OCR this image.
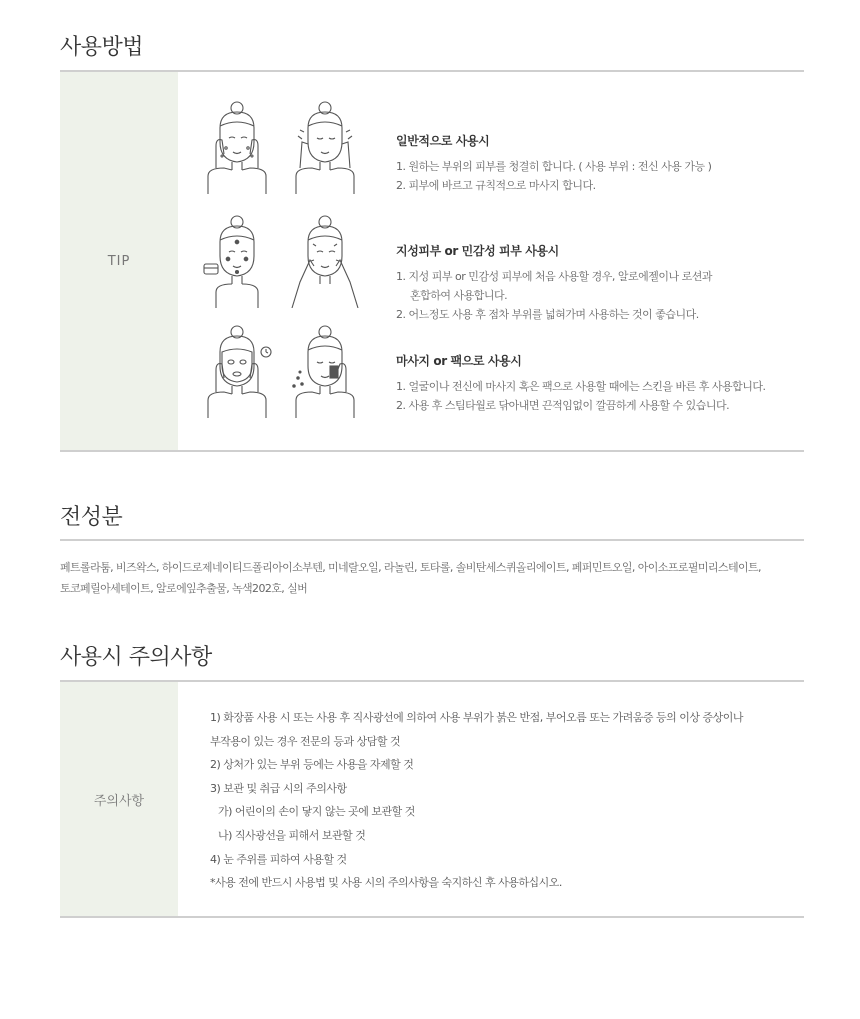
사용방법
TIP
일반적으로 사용시
1. 원하는 부위의 피부를 청결히 합니다. ( 사용 부위 : 전신 사용 가능 )
2. 피부에 바르고 규칙적으로 마사지 합니다.
지성피부 or 민감성 피부 사용시
1. 지성 피부 or 민감성 피부에 처음 사용할 경우, 알로에젤이나 로션과
혼합하여 사용합니다.
2. 어느정도 사용 후 점차 부위를 넓혀가며 사용하는 것이 좋습니다.
마사지 or 팩으로 사용시
1. 얼굴이나 전신에 마사지 혹은 팩으로 사용할 때에는 스킨을 바른 후 사용합니다.
2. 사용 후 스팀타월로 닦아내면 끈적임없이 깔끔하게 사용할 수 있습니다.
전성분
페트롤라툼, 비즈왁스, 하이드로제네이티드폴리아이소부텐, 미네랄오일, 라놀린, 토타롤, 솔비탄세스퀴올리에이트, 페퍼민트오일, 아이소프로필미리스테이트,
토코페릴아세테이트, 알로에잎추출물, 녹색202호, 실버
사용시 주의사항
주의사항
1) 화장품 사용 시 또는 사용 후 직사광선에 의하여 사용 부위가 붉은 반점, 부어오름 또는 가려움증 등의 이상 증상이나
부작용이 있는 경우 전문의 등과 상담할 것
2) 상처가 있는 부위 등에는 사용을 자제할 것
3) 보관 및 취급 시의 주의사항
가) 어린이의 손이 닿지 않는 곳에 보관할 것
나) 직사광선을 피해서 보관할 것
4) 눈 주위를 피하여 사용할 것
*사용 전에 반드시 사용법 및 사용 시의 주의사항을 숙지하신 후 사용하십시오.
